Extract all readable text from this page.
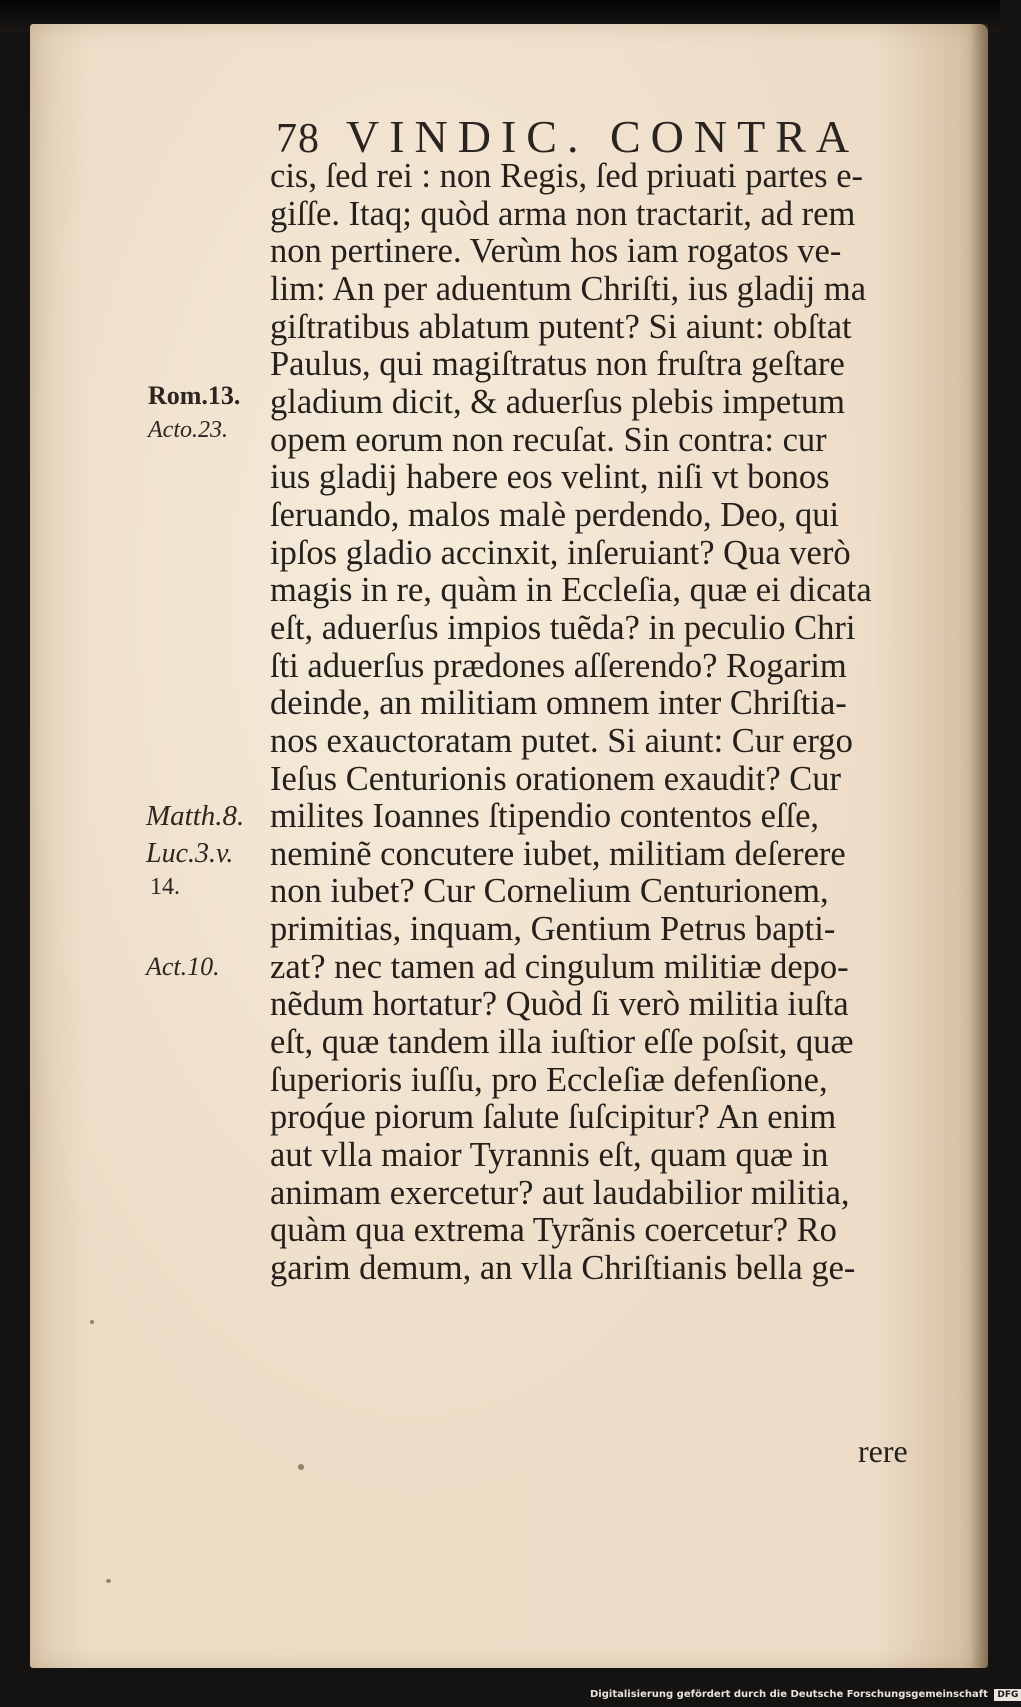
78 VINDIC. CONTRA
Rom.13.
Acto.23.
Matth.8.
Luc.3.v.
14.
Act.10.
cis, ſed rei : non Regis, ſed priuati partes e-
giſſe. Itaq; quòd arma non tractarit, ad rem
non pertinere. Verùm hos iam rogatos ve-
lim: An per aduentum Chriſti, ius gladij ma
giſtratibus ablatum putent? Si aiunt: obſtat
Paulus, qui magiſtratus non fruſtra geſtare
gladium dicit, & aduerſus plebis impetum
opem eorum non recuſat. Sin contra: cur
ius gladij habere eos velint, niſi vt bonos
ſeruando, malos malè perdendo, Deo, qui
ipſos gladio accinxit, inſeruiant? Qua verò
magis in re, quàm in Eccleſia, quæ ei dicata
eſt, aduerſus impios tuẽda? in peculio Chri
ſti aduerſus prædones aſſerendo? Rogarim
deinde, an militiam omnem inter Chriſtia-
nos exauctoratam putet. Si aiunt: Cur ergo
Ieſus Centurionis orationem exaudit? Cur
milites Ioannes ſtipendio contentos eſſe,
neminẽ concutere iubet, militiam deſerere
non iubet? Cur Cornelium Centurionem,
primitias, inquam, Gentium Petrus bapti-
zat? nec tamen ad cingulum militiæ depo-
nẽdum hortatur? Quòd ſi verò militia iuſta
eſt, quæ tandem illa iuſtior eſſe poſsit, quæ
ſuperioris iuſſu, pro Eccleſiæ defenſione,
proq́ue piorum ſalute ſuſcipitur? An enim
aut vlla maior Tyrannis eſt, quam quæ in
animam exercetur? aut laudabilior militia,
quàm qua extrema Tyrãnis coercetur? Ro
garim demum, an vlla Chriſtianis bella ge-
rere
Digitalisierung gefördert durch die Deutsche Forschungsgemeinschaft DFG
